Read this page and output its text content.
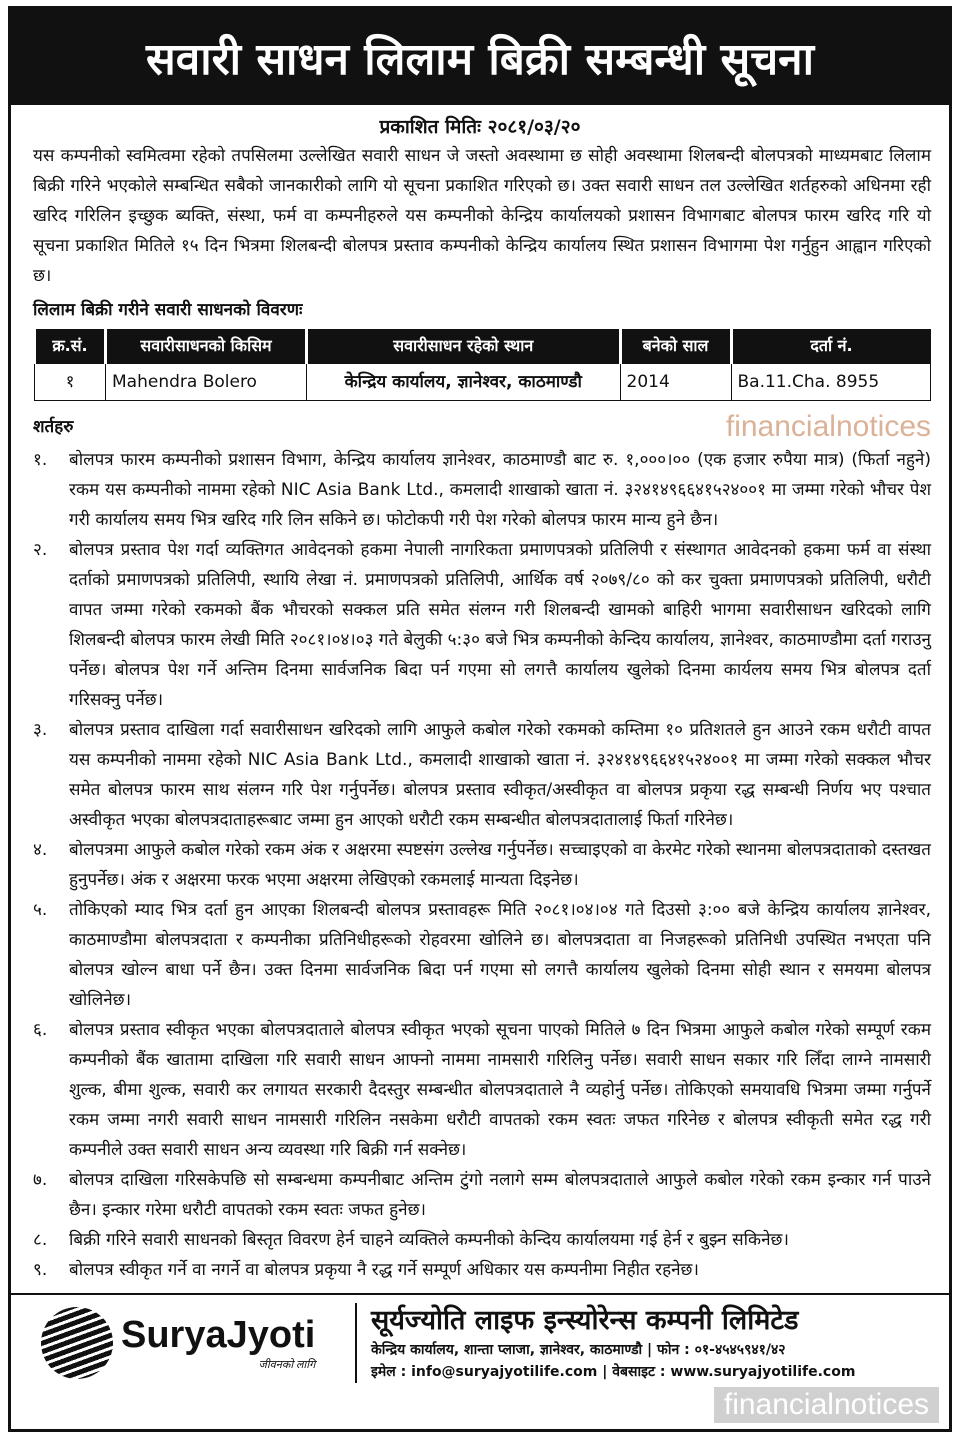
सवारी साधन लिलाम बिक्री सम्बन्धी सूचना
प्रकाशित मितिः २०८१/०३/२०

यस कम्पनीको स्वमित्वमा रहेको तपसिलमा उल्लेखित सवारी साधन जे जस्तो अवस्थामा छ सोही अवस्थामा शिलबन्दी बोलपत्रको माध्यमबाट लिलाम बिक्री गरिने भएकोले सम्बन्धित सबैको जानकारीको लागि यो सूचना प्रकाशित गरिएको छ। उक्त सवारी साधन तल उल्लेखित शर्तहरुको अधिनमा रही खरिद गरिलिन इच्छुक ब्यक्ति, संस्था, फर्म वा कम्पनीहरुले यस कम्पनीको केन्द्रिय कार्यालयको प्रशासन विभागबाट बोलपत्र फारम खरिद गरि यो सूचना प्रकाशित मितिले १५ दिन भित्रमा शिलबन्दी बोलपत्र प्रस्ताव कम्पनीको केन्द्रिय कार्यालय स्थित प्रशासन विभागमा पेश गर्नुहुन आह्वान गरिएको छ।

लिलाम बिक्री गरीने सवारी साधनको विवरणः
क्र.सं.	सवारीसाधनको किसिम	सवारीसाधन रहेको स्थान	बनेको साल	दर्ता नं.
१	Mahendra Bolero	केन्द्रिय कार्यालय, ज्ञानेश्वर, काठमाण्डौ	2014	Ba.11.Cha. 8955
शर्तहरु	financialnotices
१.	बोलपत्र फारम कम्पनीको प्रशासन विभाग, केन्द्रिय कार्यालय ज्ञानेश्वर, काठमाण्डौ बाट रु. १,०००।०० (एक हजार रुपैया मात्र) (फिर्ता नहुने) रकम यस कम्पनीको नाममा रहेको NIC Asia Bank Ltd., कमलादी शाखाको खाता नं. ३२४१४९६६४१५२४००१ मा जम्मा गरेको भौचर पेश गरी कार्यालय समय भित्र खरिद गरि लिन सकिने छ। फोटोकपी गरी पेश गरेको बोलपत्र फारम मान्य हुने छैन।
२.	बोलपत्र प्रस्ताव पेश गर्दा व्यक्तिगत आवेदनको हकमा नेपाली नागरिकता प्रमाणपत्रको प्रतिलिपी र संस्थागत आवेदनको हकमा फर्म वा संस्था दर्ताको प्रमाणपत्रको प्रतिलिपी, स्थायि लेखा नं. प्रमाणपत्रको प्रतिलिपी, आर्थिक वर्ष २०७९/८० को कर चुक्ता प्रमाणपत्रको प्रतिलिपी, धरौटी वापत जम्मा गरेको रकमको बैंक भौचरको सक्कल प्रति समेत संलग्न गरी शिलबन्दी खामको बाहिरी भागमा सवारीसाधन खरिदको लागि शिलबन्दी बोलपत्र फारम लेखी मिति २०८१।०४।०३ गते बेलुकी ५:३० बजे भित्र कम्पनीको केन्दिय कार्यालय, ज्ञानेश्वर, काठमाण्डौमा दर्ता गराउनु पर्नेछ। बोलपत्र पेश गर्ने अन्तिम दिनमा सार्वजनिक बिदा पर्न गएमा सो लगत्तै कार्यालय खुलेको दिनमा कार्यलय समय भित्र बोलपत्र दर्ता गरिसक्नु पर्नेछ।
३.	बोलपत्र प्रस्ताव दाखिला गर्दा सवारीसाधन खरिदको लागि आफुले कबोल गरेको रकमको कम्तिमा १० प्रतिशतले हुन आउने रकम धरौटी वापत यस कम्पनीको नाममा रहेको NIC Asia Bank Ltd., कमलादी शाखाको खाता नं. ३२४१४९६६४१५२४००१ मा जम्मा गरेको सक्कल भौचर समेत बोलपत्र फारम साथ संलग्न गरि पेश गर्नुपर्नेछ। बोलपत्र प्रस्ताव स्वीकृत/अस्वीकृत वा बोलपत्र प्रकृया रद्ध सम्बन्धी निर्णय भए पश्चात अस्वीकृत भएका बोलपत्रदाताहरूबाट जम्मा हुन आएको धरौटी रकम सम्बन्धीत बोलपत्रदातालाई फिर्ता गरिनेछ।
४.	बोलपत्रमा आफुले कबोल गरेको रकम अंक र अक्षरमा स्पष्टसंग उल्लेख गर्नुपर्नेछ। सच्चाइएको वा केरमेट गरेको स्थानमा बोलपत्रदाताको दस्तखत हुनुपर्नेछ। अंक र अक्षरमा फरक भएमा अक्षरमा लेखिएको रकमलाई मान्यता दिइनेछ।
५.	तोकिएको म्याद भित्र दर्ता हुन आएका शिलबन्दी बोलपत्र प्रस्तावहरू मिति २०८१।०४।०४ गते दिउसो ३:०० बजे केन्द्रिय कार्यालय ज्ञानेश्वर, काठमाण्डौमा बोलपत्रदाता र कम्पनीका प्रतिनिधीहरूको रोहवरमा खोलिने छ। बोलपत्रदाता वा निजहरूको प्रतिनिधी उपस्थित नभएता पनि बोलपत्र खोल्न बाधा पर्ने छैन। उक्त दिनमा सार्वजनिक बिदा पर्न गएमा सो लगत्तै कार्यालय खुलेको दिनमा सोही स्थान र समयमा बोलपत्र खोलिनेछ।
६.	बोलपत्र प्रस्ताव स्वीकृत भएका बोलपत्रदाताले बोलपत्र स्वीकृत भएको सूचना पाएको मितिले ७ दिन भित्रमा आफुले कबोल गरेको सम्पूर्ण रकम कम्पनीको बैंक खातामा दाखिला गरि सवारी साधन आफ्नो नाममा नामसारी गरिलिनु पर्नेछ। सवारी साधन सकार गरि लिँदा लाग्ने नामसारी शुल्क, बीमा शुल्क, सवारी कर लगायत सरकारी दैदस्तुर सम्बन्धीत बोलपत्रदाताले नै व्यहोर्नु पर्नेछ। तोकिएको समयावधि भित्रमा जम्मा गर्नुपर्ने रकम जम्मा नगरी सवारी साधन नामसारी गरिलिन नसकेमा धरौटी वापतको रकम स्वतः जफत गरिनेछ र बोलपत्र स्वीकृती समेत रद्ध गरी कम्पनीले उक्त सवारी साधन अन्य व्यवस्था गरि बिक्री गर्न सक्नेछ।
७.	बोलपत्र दाखिला गरिसकेपछि सो सम्बन्धमा कम्पनीबाट अन्तिम टुंगो नलागे सम्म बोलपत्रदाताले आफुले कबोल गरेको रकम इन्कार गर्न पाउने छैन। इन्कार गरेमा धरौटी वापतको रकम स्वतः जफत हुनेछ।
८.	बिक्री गरिने सवारी साधनको बिस्तृत विवरण हेर्न चाहने व्यक्तिले कम्पनीको केन्दिय कार्यालयमा गई हेर्न र बुझ्न सकिनेछ।
९.	बोलपत्र स्वीकृत गर्ने वा नगर्ने वा बोलपत्र प्रकृया नै रद्ध गर्ने सम्पूर्ण अधिकार यस कम्पनीमा निहीत रहनेछ।
SuryaJyoti
जीवनको लागि
सूर्यज्योति लाइफ इन्स्योरेन्स कम्पनी लिमिटेड
केन्द्रिय कार्यालय, शान्ता प्लाजा, ज्ञानेश्वर, काठमाण्डौ | फोन : ०१-४५४५९४१/४२
इमेल : info@suryajyotilife.com | वेबसाइट : www.suryajyotilife.com
financialnotices
